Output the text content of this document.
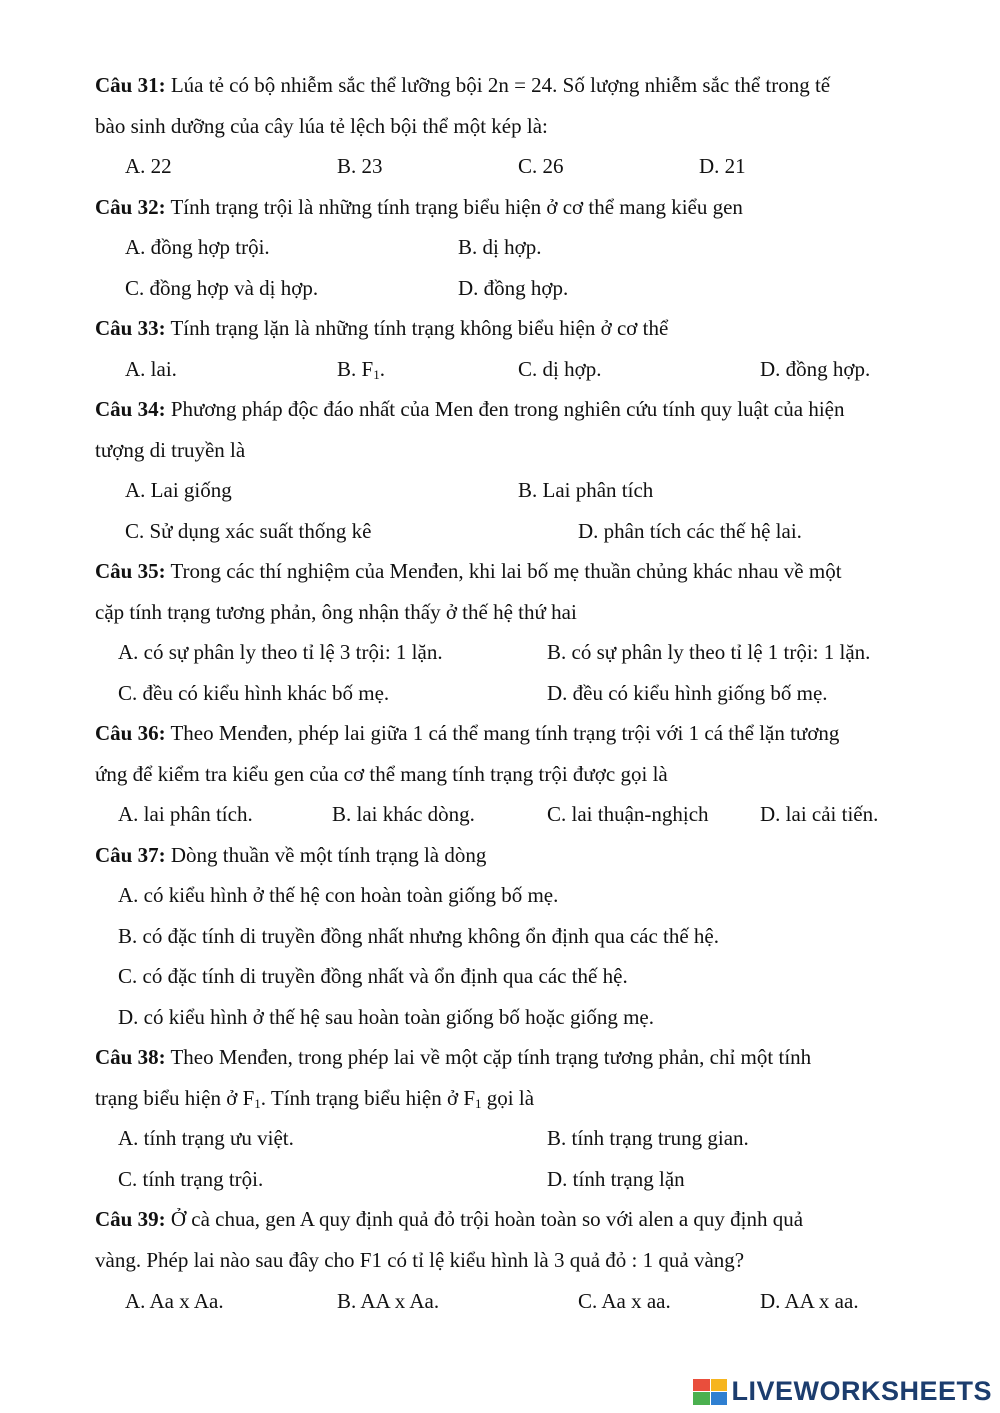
Câu 31: Lúa tẻ có bộ nhiễm sắc thể lưỡng bội 2n = 24. Số lượng nhiễm sắc thể trong tế
bào sinh dưỡng của cây lúa tẻ lệch bội thể một kép là:
A. 22	B. 23	C. 26	D. 21
Câu 32: Tính trạng trội là những tính trạng biểu hiện ở cơ thể mang kiểu gen
A. đồng hợp trội.	B. dị hợp.
C. đồng hợp và dị hợp.	D. đồng hợp.
Câu 33: Tính trạng lặn là những tính trạng không biểu hiện ở cơ thể
A. lai.	B. $F_1$.	C. dị hợp.	D. đồng hợp.
Câu 34: Phương pháp độc đáo nhất của Men đen trong nghiên cứu tính quy luật của hiện
tượng di truyền là
A. Lai giống	B. Lai phân tích
C. Sử dụng xác suất thống kê	D. phân tích các thế hệ lai.
Câu 35: Trong các thí nghiệm của Menđen, khi lai bố mẹ thuần chủng khác nhau về một
cặp tính trạng tương phản, ông nhận thấy ở thế hệ thứ hai
A. có sự phân ly theo tỉ lệ 3 trội: 1 lặn.	B. có sự phân ly theo tỉ lệ 1 trội: 1 lặn.
C. đều có kiểu hình khác bố mẹ.	D. đều có kiểu hình giống bố mẹ.
Câu 36: Theo Menđen, phép lai giữa 1 cá thể mang tính trạng trội với 1 cá thể lặn tương
ứng để kiểm tra kiểu gen của cơ thể mang tính trạng trội được gọi là
A. lai phân tích.	B. lai khác dòng.	C. lai thuận-nghịch D. lai cải tiến.
Câu 37: Dòng thuần về một tính trạng là dòng
A. có kiểu hình ở thế hệ con hoàn toàn giống bố mẹ.
B. có đặc tính di truyền đồng nhất nhưng không ổn định qua các thế hệ.
C. có đặc tính di truyền đồng nhất và ổn định qua các thế hệ.
D. có kiểu hình ở thế hệ sau hoàn toàn giống bố hoặc giống mẹ.
Câu 38: Theo Menđen, trong phép lai về một cặp tính trạng tương phản, chỉ một tính
trạng biểu hiện ở $F_1$. Tính trạng biểu hiện ở $F_1$ gọi là
A. tính trạng ưu việt.	B. tính trạng trung gian.
C. tính trạng trội.	D. tính trạng lặn
Câu 39: Ở cà chua, gen A quy định quả đỏ trội hoàn toàn so với alen a quy định quả
vàng. Phép lai nào sau đây cho F1 có tỉ lệ kiểu hình là 3 quả đỏ : 1 quả vàng?
A. Aa x Aa.	B. AA x Aa.	C. Aa x aa.	D. AA x aa.
LIVEWORKSHEETS
